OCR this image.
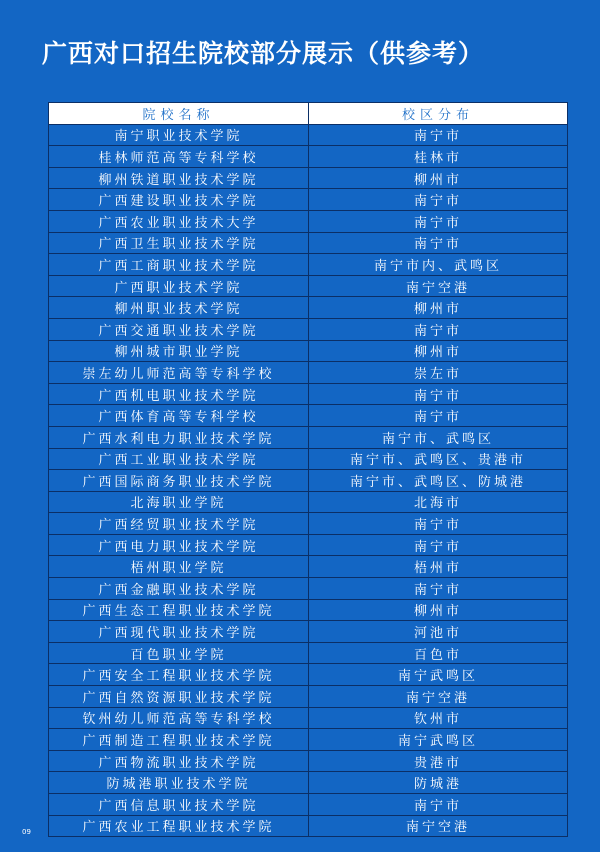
广西对口招生院校部分展示（供参考）
院校名称	校区分布
南宁职业技术学院	南宁市
桂林师范高等专科学校	桂林市
柳州铁道职业技术学院	柳州市
广西建设职业技术学院	南宁市
广西农业职业技术大学	南宁市
广西卫生职业技术学院	南宁市
广西工商职业技术学院	南宁市内、武鸣区
广西职业技术学院	南宁空港
柳州职业技术学院	柳州市
广西交通职业技术学院	南宁市
柳州城市职业学院	柳州市
崇左幼儿师范高等专科学校	崇左市
广西机电职业技术学院	南宁市
广西体育高等专科学校	南宁市
广西水利电力职业技术学院	南宁市、武鸣区
广西工业职业技术学院	南宁市、武鸣区、贵港市
广西国际商务职业技术学院	南宁市、武鸣区、防城港
北海职业学院	北海市
广西经贸职业技术学院	南宁市
广西电力职业技术学院	南宁市
梧州职业学院	梧州市
广西金融职业技术学院	南宁市
广西生态工程职业技术学院	柳州市
广西现代职业技术学院	河池市
百色职业学院	百色市
广西安全工程职业技术学院	南宁武鸣区
广西自然资源职业技术学院	南宁空港
钦州幼儿师范高等专科学校	钦州市
广西制造工程职业技术学院	南宁武鸣区
广西物流职业技术学院	贵港市
防城港职业技术学院	防城港
广西信息职业技术学院	南宁市
广西农业工程职业技术学院	南宁空港
09
